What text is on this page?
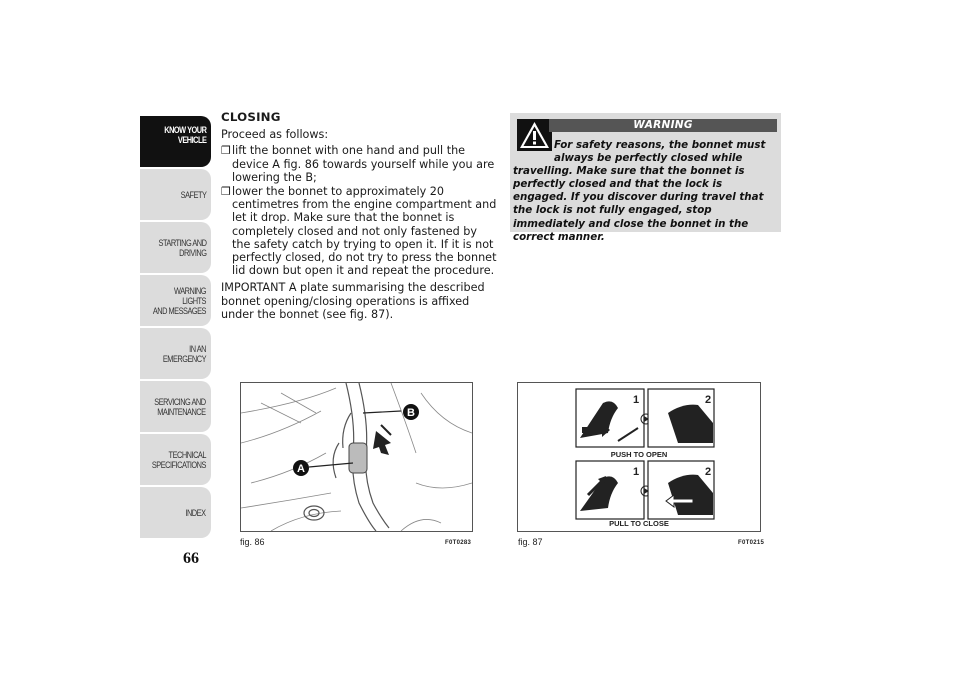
KNOW YOUR
VEHICLE
SAFETY
STARTING AND
DRIVING
WARNING LIGHTS
AND MESSAGES
IN AN EMERGENCY
SERVICING AND
MAINTENANCE
TECHNICAL
SPECIFICATIONS
INDEX
66
CLOSING
Proceed as follows:
❒ lift the bonnet with one hand and pull the device A fig. 86 towards yourself while you are lowering the B;
❒ lower the bonnet to approximately 20 centimetres from the engine compartment and let it drop. Make sure that the bonnet is completely closed and not only fastened by the safety catch by trying to open it. If it is not perfectly closed, do not try to press the bonnet lid down but open it and repeat the procedure.
IMPORTANT A plate summarising the described bonnet opening/closing operations is affixed under the bonnet (see fig. 87).
WARNING
For safety reasons, the bonnet must
always be perfectly closed while
travelling. Make sure that the bonnet is perfectly closed and that the lock is engaged. If you discover during travel that the lock is not fully engaged, stop immediately and close the bonnet in the correct manner.
B
A
fig. 86	F0T0283
1	2
PUSH TO OPEN
1	2
PULL TO CLOSE
fig. 87	F0T0215
